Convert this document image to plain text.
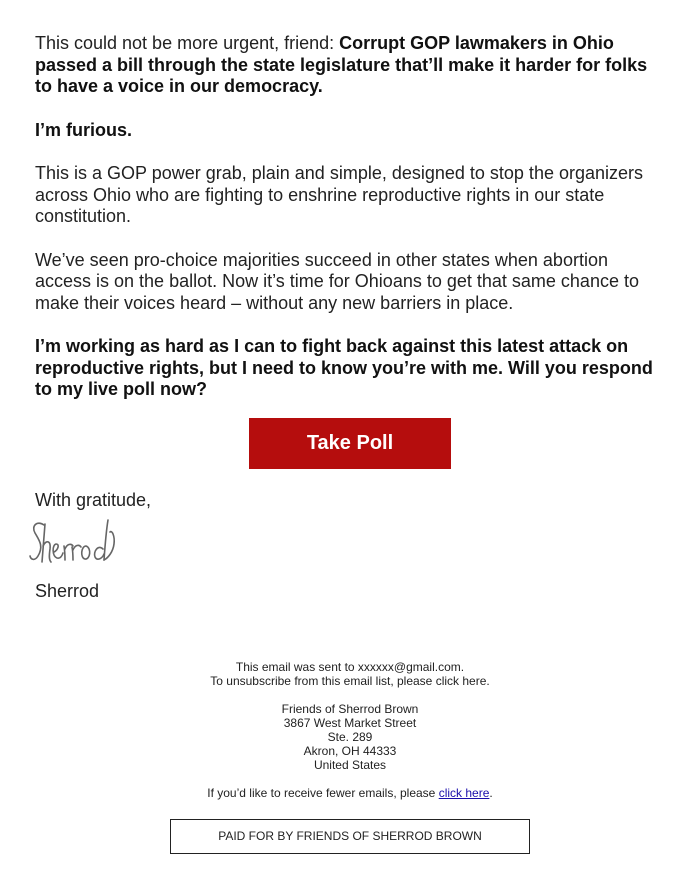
This could not be more urgent, friend: Corrupt GOP lawmakers in Ohio passed a bill through the state legislature that’ll make it harder for folks to have a voice in our democracy.

I’m furious.

This is a GOP power grab, plain and simple, designed to stop the organizers across Ohio who are fighting to enshrine reproductive rights in our state constitution.

We’ve seen pro-choice majorities succeed in other states when abortion access is on the ballot. Now it’s time for Ohioans to get that same chance to make their voices heard – without any new barriers in place.

I’m working as hard as I can to fight back against this latest attack on reproductive rights, but I need to know you’re with me. Will you respond to my live poll now?

Take Poll
With gratitude,
Sherrod
This email was sent to xxxxxx@gmail.com.
To unsubscribe from this email list, please click here.
Friends of Sherrod Brown
3867 West Market Street
Ste. 289
Akron, OH 44333
United States
If you’d like to receive fewer emails, please click here.
PAID FOR BY FRIENDS OF SHERROD BROWN
